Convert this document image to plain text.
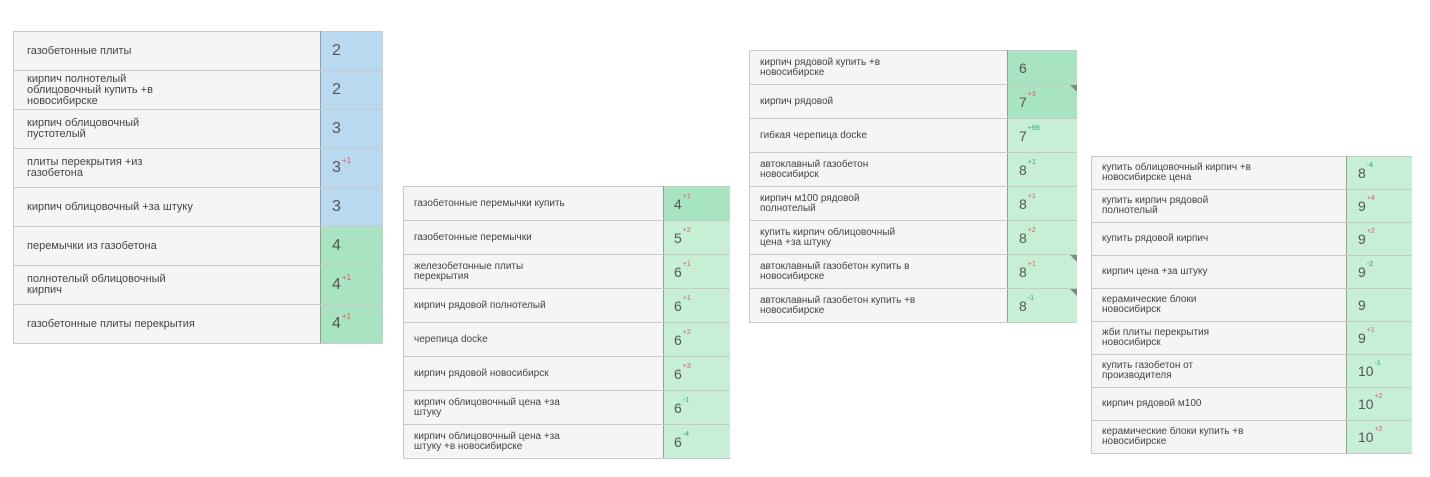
газобетонные плиты	2
кирпич полнотелый
облицовочный купить +в
новосибирске	2
кирпич облицовочный
пустотелый	3
плиты перекрытия +из
газобетона	$3^{+1}$
кирпич облицовочный +за штуку	3
перемычки из газобетона	4
полнотелый облицовочный
кирпич	$4^{+1}$
газобетонные плиты перекрытия	$4^{+1}$
газобетонные перемычки купить	$4^{+1}$
газобетонные перемычки	$5^{+2}$
железобетонные плиты
перекрытия	$6^{+1}$
кирпич рядовой полнотелый	$6^{+1}$
черепица docke	$6^{+2}$
кирпич рядовой новосибирск	$6^{+3}$
кирпич облицовочный цена +за
штуку	$6^{-1}$
кирпич облицовочный цена +за
штуку +в новосибирске	$6^{-4}$
кирпич рядовой купить +в
новосибирске	6
кирпич рядовой	$7^{+3}$

гибкая черепица docke	$7^{+69}$
автоклавный газобетон
новосибирск	$8^{+1}$
кирпич м100 рядовой
полнотелый	$8^{+1}$
купить кирпич облицовочный
цена +за штуку	$8^{+2}$
автоклавный газобетон купить в
новосибирске	$8^{+1}$

автоклавный газобетон купить +в
новосибирске	$8^{-1}$
купить облицовочный кирпич +в
новосибирске цена	$8^{-4}$
купить кирпич рядовой
полнотелый	$9^{+4}$
купить рядовой кирпич	$9^{+2}$
кирпич цена +за штуку	$9^{-2}$
керамические блоки
новосибирск	9
жби плиты перекрытия
новосибирск	$9^{+1}$
купить газобетон от
производителя	$10^{-1}$
кирпич рядовой м100	$10^{+2}$
керамические блоки купить +в
новосибирске	$10^{+2}$
